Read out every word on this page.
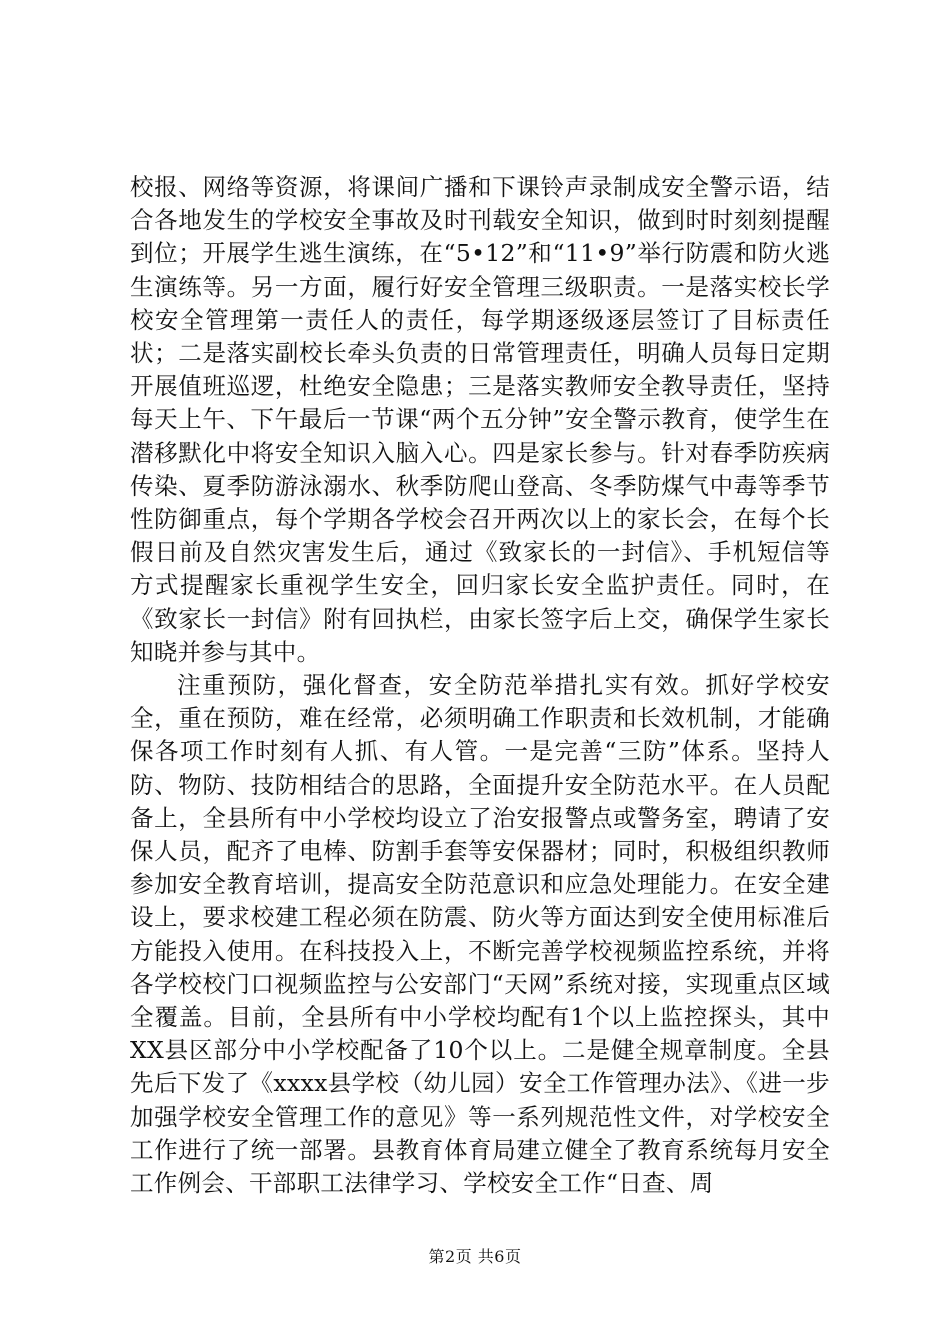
校报、网络等资源，将课间广播和下课铃声录制成安全警示语，结合各地发生的学校安全事故及时刊载安全知识，做到时时刻刻提醒到位；开展学生逃生演练，在“5•12”和“11•9”举行防震和防火逃生演练等。另一方面，履行好安全管理三级职责。一是落实校长学校安全管理第一责任人的责任，每学期逐级逐层签订了目标责任状；二是落实副校长牵头负责的日常管理责任，明确人员每日定期开展值班巡逻，杜绝安全隐患；三是落实教师安全教导责任，坚持每天上午、下午最后一节课“两个五分钟”安全警示教育，使学生在潜移默化中将安全知识入脑入心。四是家长参与。针对春季防疾病传染、夏季防游泳溺水、秋季防爬山登高、冬季防煤气中毒等季节性防御重点，每个学期各学校会召开两次以上的家长会，在每个长假日前及自然灾害发生后，通过《致家长的一封信》、手机短信等方式提醒家长重视学生安全，回归家长安全监护责任。同时，在《致家长一封信》附有回执栏，由家长签字后上交，确保学生家长知晓并参与其中。

注重预防，强化督查，安全防范举措扎实有效。抓好学校安全，重在预防，难在经常，必须明确工作职责和长效机制，才能确保各项工作时刻有人抓、有人管。一是完善“三防”体系。坚持人防、物防、技防相结合的思路，全面提升安全防范水平。在人员配备上，全县所有中小学校均设立了治安报警点或警务室，聘请了安保人员，配齐了电棒、防割手套等安保器材；同时，积极组织教师参加安全教育培训，提高安全防范意识和应急处理能力。在安全建设上，要求校建工程必须在防震、防火等方面达到安全使用标准后方能投入使用。在科技投入上，不断完善学校视频监控系统，并将各学校校门口视频监控与公安部门“天网”系统对接，实现重点区域全覆盖。目前，全县所有中小学校均配有1个以上监控探头，其中XX县区部分中小学校配备了10个以上。二是健全规章制度。全县先后下发了《xxxx县学校（幼儿园）安全工作管理办法》、《进一步加强学校安全管理工作的意见》等一系列规范性文件，对学校安全工作进行了统一部署。县教育体育局建立健全了教育系统每月安全工作例会、干部职工法律学习、学校安全工作“日查、周

第2页 共6页
